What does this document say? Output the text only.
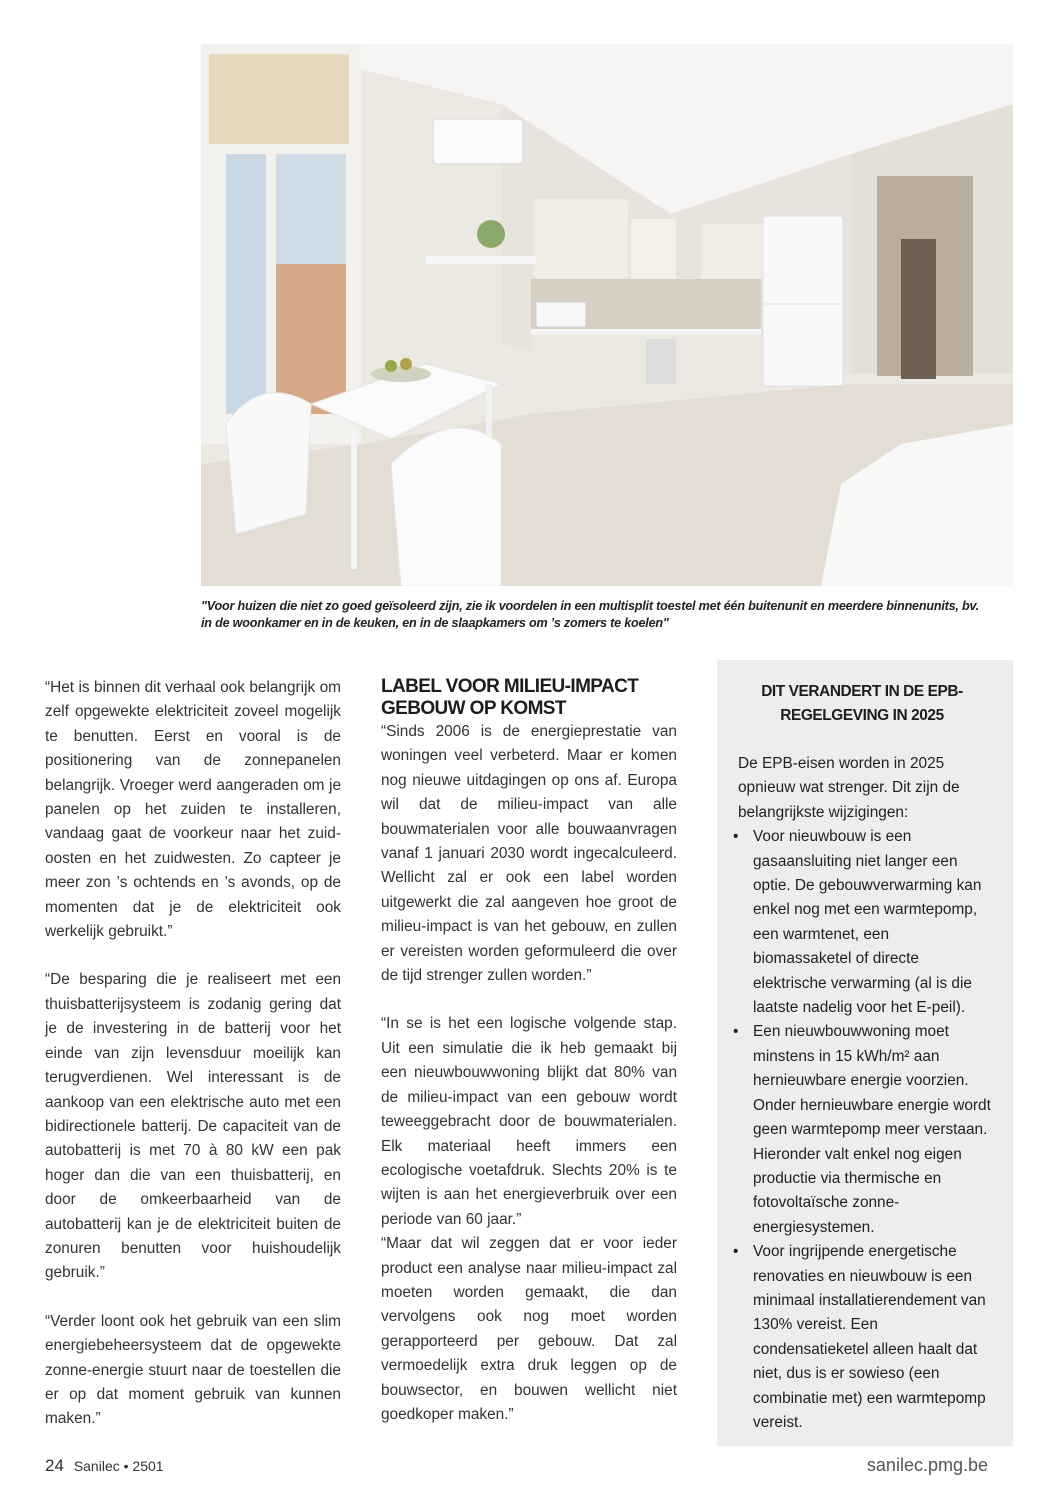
"Voor huizen die niet zo goed geïsoleerd zijn, zie ik voordelen in een multisplit toestel met één buitenunit en meerdere binnenunits, bv. in de woonkamer en in de keuken, en in de slaapkamers om ’s zomers te koelen"

“Het is binnen dit verhaal ook belangrijk om zelf opgewekte elektriciteit zoveel mogelijk te benutten. Eerst en vooral is de positionering van de zonnepanelen belangrijk. Vroeger werd aangeraden om je panelen op het zuiden te installeren, vandaag gaat de voorkeur naar het zuid-oosten en het zuidwesten. Zo capteer je meer zon ’s ochtends en ’s avonds, op de momenten dat je de elektriciteit ook werkelijk gebruikt.”

“De besparing die je realiseert met een thuisbatterijsysteem is zodanig gering dat je de investering in de batterij voor het einde van zijn levensduur moeilijk kan terugverdienen. Wel interessant is de aankoop van een elektrische auto met een bidirectionele batterij. De capaciteit van de autobatterij is met 70 à 80 kW een pak hoger dan die van een thuisbatterij, en door de omkeerbaarheid van de autobatterij kan je de elektriciteit buiten de zonuren benutten voor huishoudelijk gebruik.”

“Verder loont ook het gebruik van een slim energiebeheersysteem dat de opgewekte zonne-energie stuurt naar de toestellen die er op dat moment gebruik van kunnen maken.”

LABEL VOOR MILIEU-IMPACT GEBOUW OP KOMST

“Sinds 2006 is de energieprestatie van woningen veel verbeterd. Maar er komen nog nieuwe uitdagingen op ons af. Europa wil dat de milieu-impact van alle bouwmaterialen voor alle bouwaanvragen vanaf 1 januari 2030 wordt ingecalculeerd. Wellicht zal er ook een label worden uitgewerkt die zal aangeven hoe groot de milieu-impact is van het gebouw, en zullen er vereisten worden geformuleerd die over de tijd strenger zullen worden.”

“In se is het een logische volgende stap. Uit een simulatie die ik heb gemaakt bij een nieuwbouwwoning blijkt dat 80% van de milieu-impact van een gebouw wordt teweeggebracht door de bouwmaterialen. Elk materiaal heeft immers een ecologische voetafdruk. Slechts 20% is te wijten is aan het energieverbruik over een periode van 60 jaar.”

“Maar dat wil zeggen dat er voor ieder product een analyse naar milieu-impact zal moeten worden gemaakt, die dan vervolgens ook nog moet worden gerapporteerd per gebouw. Dat zal vermoedelijk extra druk leggen op de bouwsector, en bouwen wellicht niet goedkoper maken.”

DIT VERANDERT IN DE EPB-REGELGEVING IN 2025

De EPB-eisen worden in 2025 opnieuw wat strenger. Dit zijn de belangrijkste wijzigingen:

• Voor nieuwbouw is een gasaansluiting niet langer een optie. De gebouwverwarming kan enkel nog met een warmtepomp, een warmtenet, een biomassaketel of directe elektrische verwarming (al is die laatste nadelig voor het E-peil).
• Een nieuwbouwwoning moet minstens in 15 kWh/m² aan hernieuwbare energie voorzien. Onder hernieuwbare energie wordt geen warmtepomp meer verstaan. Hieronder valt enkel nog eigen productie via thermische en fotovoltaïsche zonne-energiesystemen.
• Voor ingrijpende energetische renovaties en nieuwbouw is een minimaal installatierendement van 130% vereist. Een condensatieketel alleen haalt dat niet, dus is er sowieso (een combinatie met) een warmtepomp vereist.
24 Sanilec • 2501	sanilec.pmg.be
